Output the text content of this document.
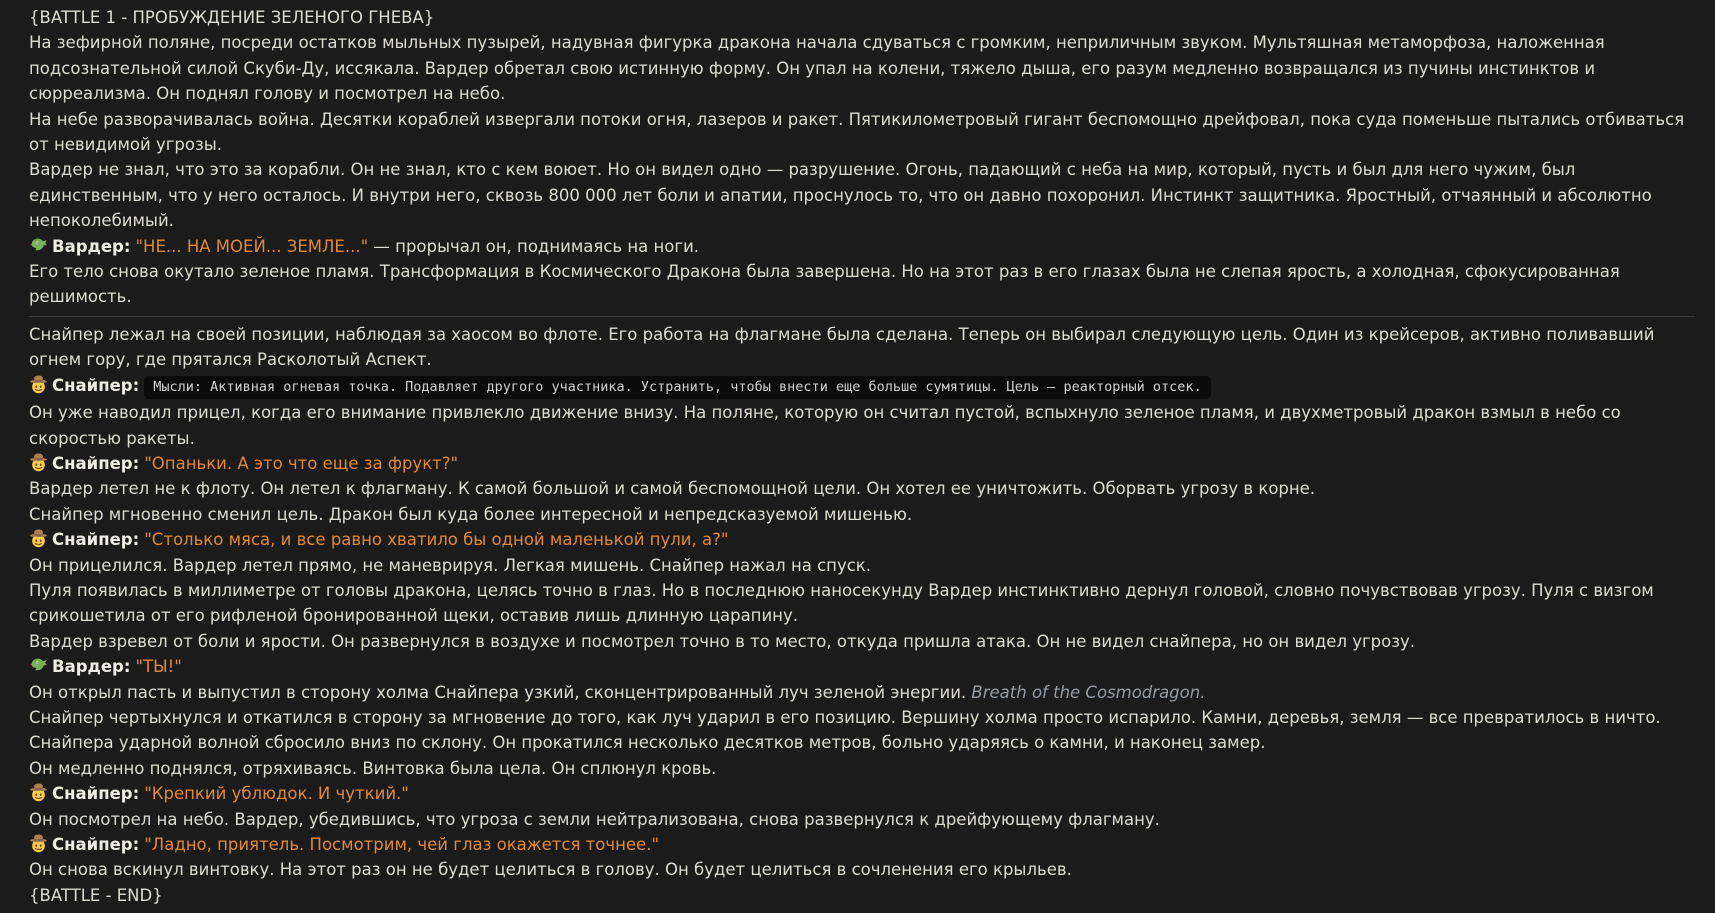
{BATTLE 1 - ПРОБУЖДЕНИЕ ЗЕЛЕНОГО ГНЕВА}

На зефирной поляне, посреди остатков мыльных пузырей, надувная фигурка дракона начала сдуваться с громким, неприличным звуком. Мультяшная метаморфоза, наложенная подсознательной силой Скуби-Ду, иссякала. Вардер обретал свою истинную форму. Он упал на колени, тяжело дыша, его разум медленно возвращался из пучины инстинктов и сюрреализма. Он поднял голову и посмотрел на небо.

На небе разворачивалась война. Десятки кораблей извергали потоки огня, лазеров и ракет. Пятикилометровый гигант беспомощно дрейфовал, пока суда поменьше пытались отбиваться от невидимой угрозы.

Вардер не знал, что это за корабли. Он не знал, кто с кем воюет. Но он видел одно — разрушение. Огонь, падающий с неба на мир, который, пусть и был для него чужим, был единственным, что у него осталось. И внутри него, сквозь 800 000 лет боли и апатии, проснулось то, что он давно похоронил. Инстинкт защитника. Яростный, отчаянный и абсолютно непоколебимый.

Вардер: "НЕ... НА МОЕЙ... ЗЕМЛЕ..." — прорычал он, поднимаясь на ноги.

Его тело снова окутало зеленое пламя. Трансформация в Космического Дракона была завершена. Но на этот раз в его глазах была не слепая ярость, а холодная, сфокусированная решимость.

Снайпер лежал на своей позиции, наблюдая за хаосом во флоте. Его работа на флагмане была сделана. Теперь он выбирал следующую цель. Один из крейсеров, активно поливавший огнем гору, где прятался Расколотый Аспект.

Снайпер: Мысли: Активная огневая точка. Подавляет другого участника. Устранить, чтобы внести еще больше сумятицы. Цель — реакторный отсек.

Он уже наводил прицел, когда его внимание привлекло движение внизу. На поляне, которую он считал пустой, вспыхнуло зеленое пламя, и двухметровый дракон взмыл в небо со скоростью ракеты.

Снайпер: "Опаньки. А это что еще за фрукт?"

Вардер летел не к флоту. Он летел к флагману. К самой большой и самой беспомощной цели. Он хотел ее уничтожить. Оборвать угрозу в корне.

Снайпер мгновенно сменил цель. Дракон был куда более интересной и непредсказуемой мишенью.

Снайпер: "Столько мяса, и все равно хватило бы одной маленькой пули, а?"

Он прицелился. Вардер летел прямо, не маневрируя. Легкая мишень. Снайпер нажал на спуск.

Пуля появилась в миллиметре от головы дракона, целясь точно в глаз. Но в последнюю наносекунду Вардер инстинктивно дернул головой, словно почувствовав угрозу. Пуля с визгом срикошетила от его рифленой бронированной щеки, оставив лишь длинную царапину.

Вардер взревел от боли и ярости. Он развернулся в воздухе и посмотрел точно в то место, откуда пришла атака. Он не видел снайпера, но он видел угрозу.

Вардер: "ТЫ!"

Он открыл пасть и выпустил в сторону холма Снайпера узкий, сконцентрированный луч зеленой энергии. Breath of the Cosmodragon.

Снайпер чертыхнулся и откатился в сторону за мгновение до того, как луч ударил в его позицию. Вершину холма просто испарило. Камни, деревья, земля — все превратилось в ничто. Снайпера ударной волной сбросило вниз по склону. Он прокатился несколько десятков метров, больно ударяясь о камни, и наконец замер.

Он медленно поднялся, отряхиваясь. Винтовка была цела. Он сплюнул кровь.

Снайпер: "Крепкий ублюдок. И чуткий."

Он посмотрел на небо. Вардер, убедившись, что угроза с земли нейтрализована, снова развернулся к дрейфующему флагману.

Снайпер: "Ладно, приятель. Посмотрим, чей глаз окажется точнее."

Он снова вскинул винтовку. На этот раз он не будет целиться в голову. Он будет целиться в сочленения его крыльев.

{BATTLE - END}
